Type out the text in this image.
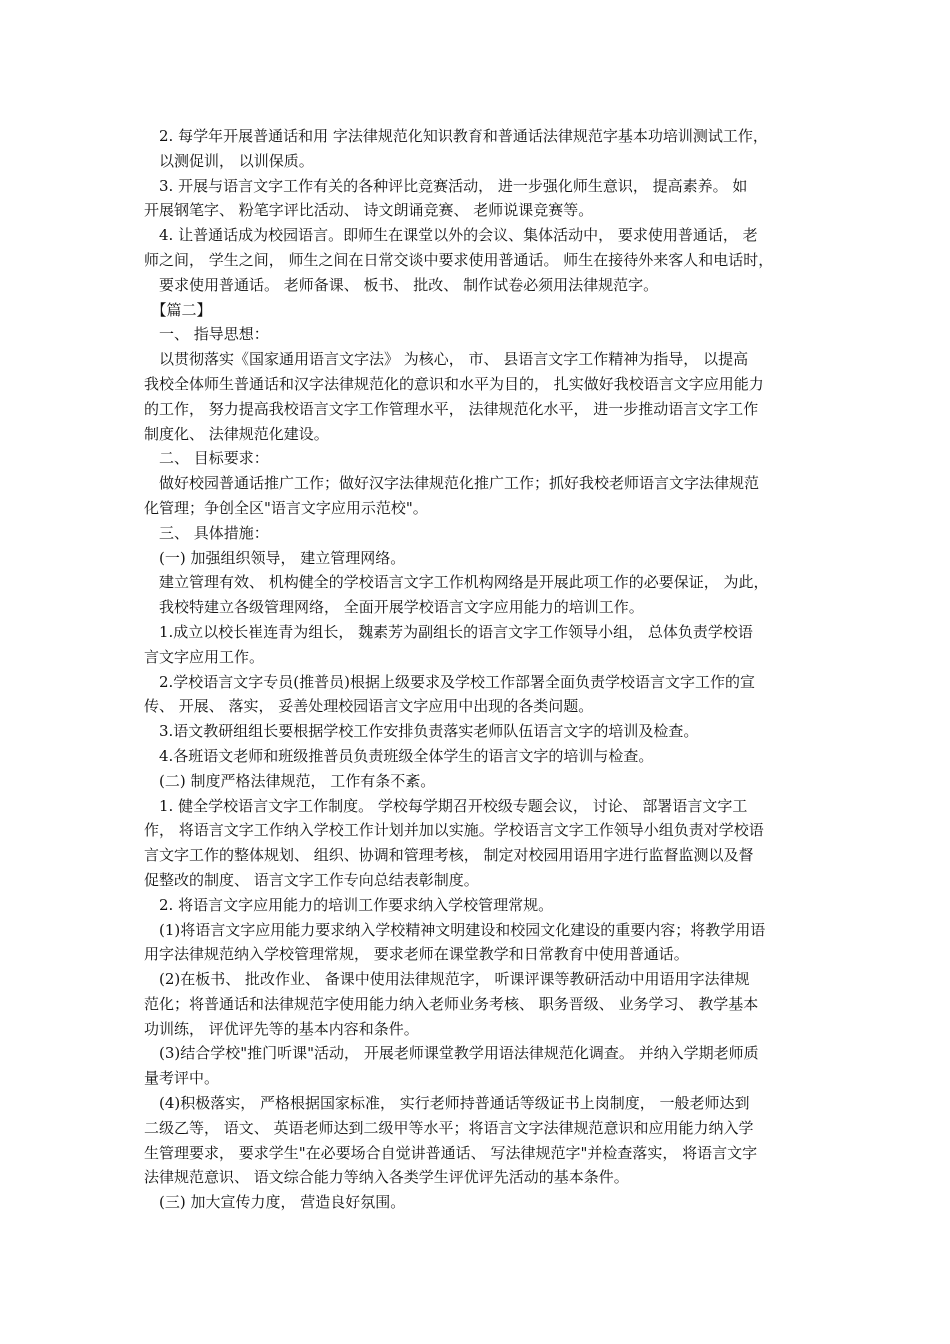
　2. 每学年开展普通话和用 字法律规范化知识教育和普通话法律规范字基本功培训测试工作，
　以测促训， 以训保质。
　3. 开展与语言文字工作有关的各种评比竞赛活动， 进一步强化师生意识， 提高素养。 如
开展钢笔字、 粉笔字评比活动、 诗文朗诵竞赛、 老师说课竞赛等。
　4. 让普通话成为校园语言。即师生在课堂以外的会议、集体活动中， 要求使用普通话， 老
师之间， 学生之间， 师生之间在日常交谈中要求使用普通话。 师生在接待外来客人和电话时，
　要求使用普通话。 老师备课、 板书、 批改、 制作试卷必须用法律规范字。
　【篇二】
　一、 指导思想：
　以贯彻落实《国家通用语言文字法》 为核心， 市、 县语言文字工作精神为指导， 以提高
我校全体师生普通话和汉字法律规范化的意识和水平为目的， 扎实做好我校语言文字应用能力
的工作， 努力提高我校语言文字工作管理水平， 法律规范化水平， 进一步推动语言文字工作
制度化、 法律规范化建设。
　二、 目标要求：
　做好校园普通话推广工作；做好汉字法律规范化推广工作；抓好我校老师语言文字法律规范
化管理；争创全区"语言文字应用示范校"。
　三、 具体措施：
　(一) 加强组织领导， 建立管理网络。
　建立管理有效、 机构健全的学校语言文字工作机构网络是开展此项工作的必要保证， 为此，
　我校特建立各级管理网络， 全面开展学校语言文字应用能力的培训工作。
　1.成立以校长崔连青为组长， 魏素芳为副组长的语言文字工作领导小组， 总体负责学校语
言文字应用工作。
　2.学校语言文字专员(推普员)根据上级要求及学校工作部署全面负责学校语言文字工作的宣
传、 开展、 落实， 妥善处理校园语言文字应用中出现的各类问题。
　3.语文教研组组长要根据学校工作安排负责落实老师队伍语言文字的培训及检查。
　4.各班语文老师和班级推普员负责班级全体学生的语言文字的培训与检查。
　(二) 制度严格法律规范， 工作有条不紊。
　1. 健全学校语言文字工作制度。 学校每学期召开校级专题会议， 讨论、 部署语言文字工
作， 将语言文字工作纳入学校工作计划并加以实施。学校语言文字工作领导小组负责对学校语
言文字工作的整体规划、 组织、协调和管理考核， 制定对校园用语用字进行监督监测以及督
促整改的制度、 语言文字工作专向总结表彰制度。
　2. 将语言文字应用能力的培训工作要求纳入学校管理常规。
　(1)将语言文字应用能力要求纳入学校精神文明建设和校园文化建设的重要内容；将教学用语
用字法律规范纳入学校管理常规， 要求老师在课堂教学和日常教育中使用普通话。
　(2)在板书、 批改作业、 备课中使用法律规范字， 听课评课等教研活动中用语用字法律规
范化；将普通话和法律规范字使用能力纳入老师业务考核、 职务晋级、 业务学习、 教学基本
功训练， 评优评先等的基本内容和条件。
　(3)结合学校"推门听课"活动， 开展老师课堂教学用语法律规范化调查。 并纳入学期老师质
量考评中。
　(4)积极落实， 严格根据国家标准， 实行老师持普通话等级证书上岗制度， 一般老师达到
二级乙等， 语文、 英语老师达到二级甲等水平；将语言文字法律规范意识和应用能力纳入学
生管理要求， 要求学生"在必要场合自觉讲普通话、 写法律规范字"并检查落实， 将语言文字
法律规范意识、 语文综合能力等纳入各类学生评优评先活动的基本条件。
　(三) 加大宣传力度， 营造良好氛围。
